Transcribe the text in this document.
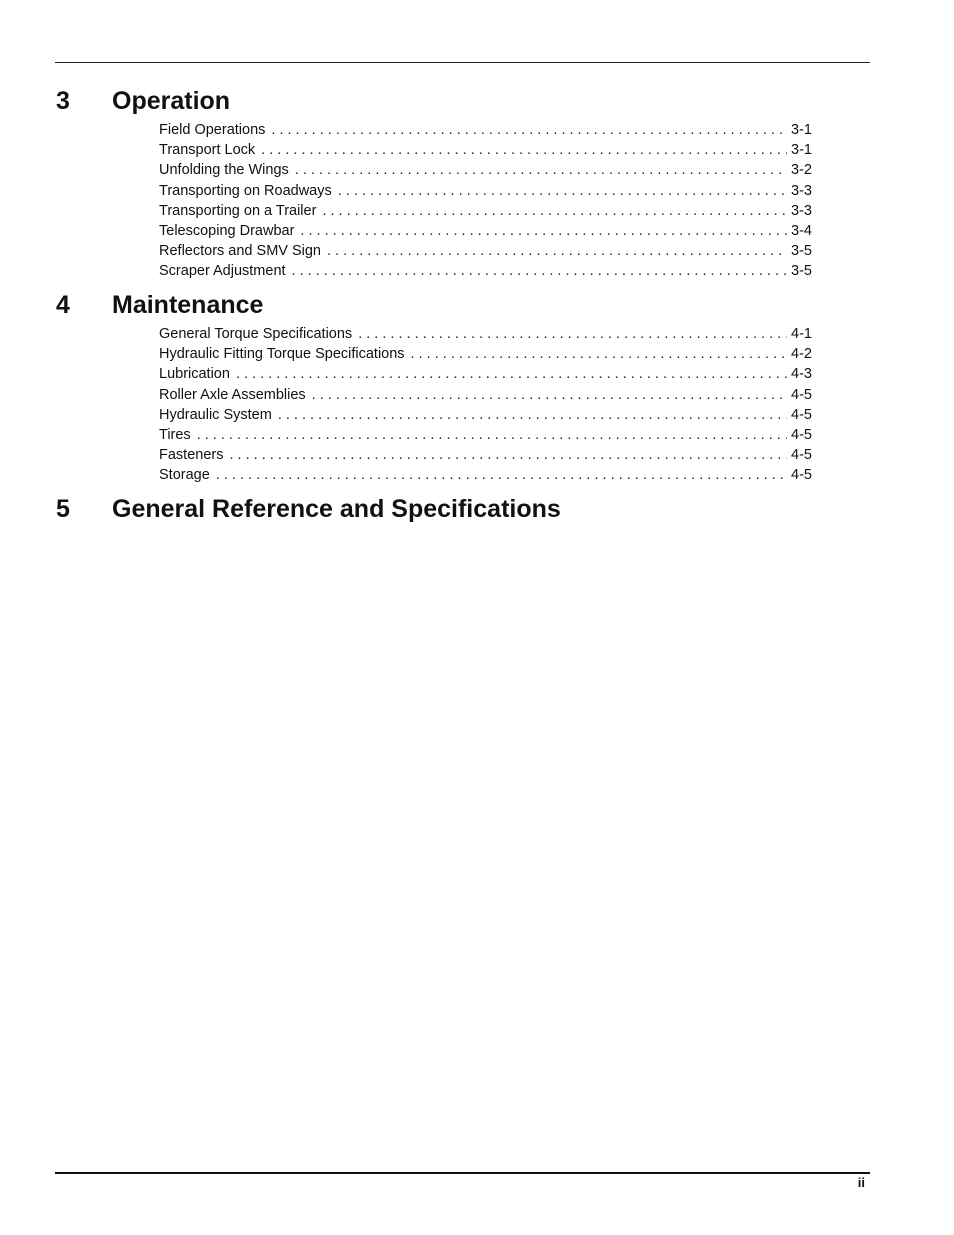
3 Operation
Field Operations . . .	3-1
Transport Lock . . .	3-1
Unfolding the Wings . . .	3-2
Transporting on Roadways . . .	3-3
Transporting on a Trailer . . .	3-3
Telescoping Drawbar . . .	3-4
Reflectors and SMV Sign . . .	3-5
Scraper Adjustment . . .	3-5
4 Maintenance
General Torque Specifications . . .	4-1
Hydraulic Fitting Torque Specifications . . .	4-2
Lubrication . . .	4-3
Roller Axle Assemblies . . .	4-5
Hydraulic System . . .	4-5
Tires . . .	4-5
Fasteners . . .	4-5
Storage . . .	4-5
5 General Reference and Specifications
ii
